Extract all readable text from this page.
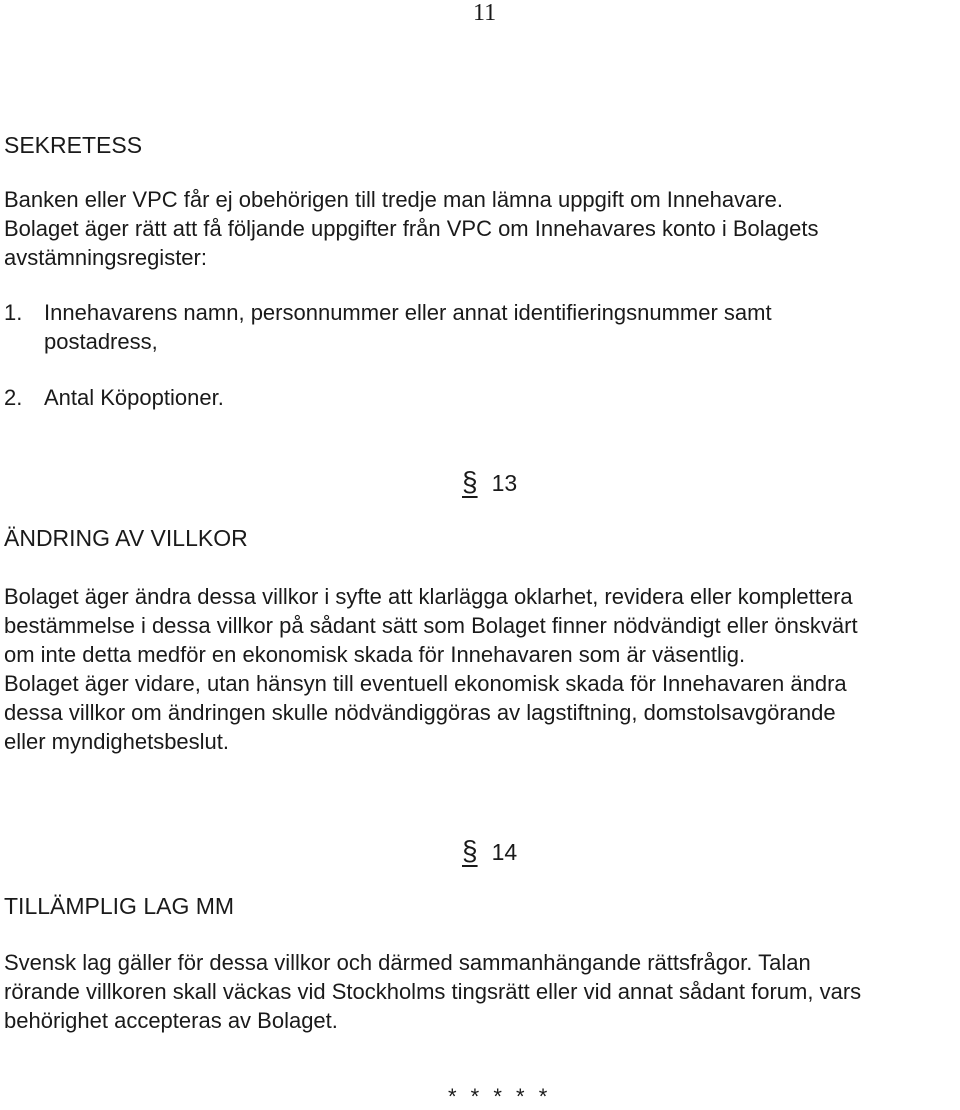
11
SEKRETESS
Banken eller VPC får ej obehörigen till tredje man lämna uppgift om Innehavare.
Bolaget äger rätt att få följande uppgifter från VPC om Innehavares konto i Bolagets
avstämningsregister:
1. Innehavarens namn, personnummer eller annat identifieringsnummer samt
postadress,
2. Antal Köpoptioner.
§ 13
ÄNDRING AV VILLKOR
Bolaget äger ändra dessa villkor i syfte att klarlägga oklarhet, revidera eller komplettera
bestämmelse i dessa villkor på sådant sätt som Bolaget finner nödvändigt eller önskvärt
om inte detta medför en ekonomisk skada för Innehavaren som är väsentlig.
Bolaget äger vidare, utan hänsyn till eventuell ekonomisk skada för Innehavaren ändra
dessa villkor om ändringen skulle nödvändiggöras av lagstiftning, domstolsavgörande
eller myndighetsbeslut.
§ 14
TILLÄMPLIG LAG MM
Svensk lag gäller för dessa villkor och därmed sammanhängande rättsfrågor. Talan
rörande villkoren skall väckas vid Stockholms tingsrätt eller vid annat sådant forum, vars
behörighet accepteras av Bolaget.
* * * * *
